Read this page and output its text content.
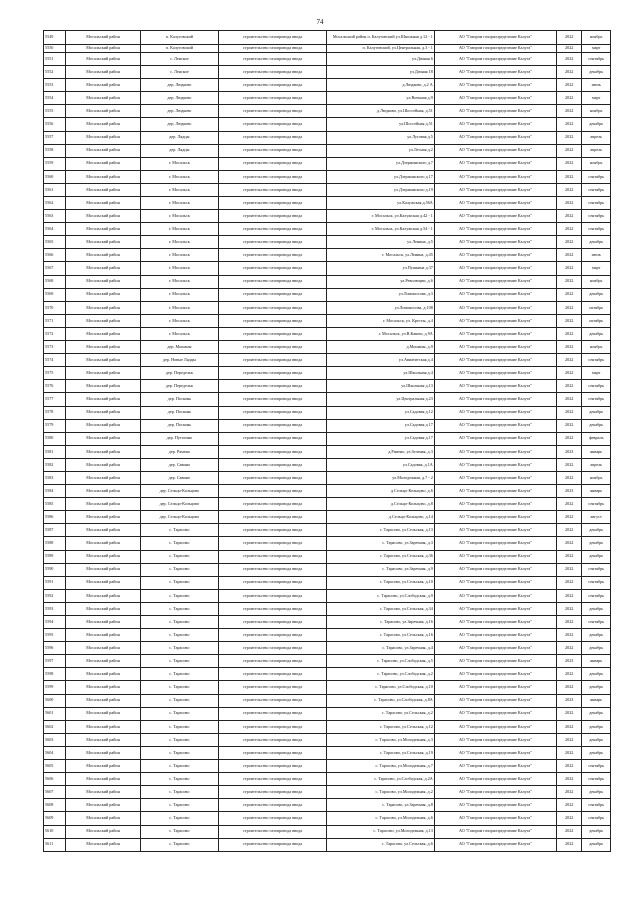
74
5549	Мосальский район	п. Калуговский	строительство газопровода ввода	Мосальский район п. Калуговский ул.Школьная д.12 - 1	АО "Газпром газораспределение Калуга"	2022	ноябрь
5550	Мосальский район	п. Калуговский	строительство газопровода ввода	п. Калуговский, ул.Центральная, д.3 - 1	АО "Газпром газораспределение Калуга"	2022	март
5551	Мосальский район	с. Ленское	строительство газопровода ввода	ул.Дачная 6	АО "Газпром газораспределение Калуга"	2022	сентябрь
5552	Мосальский район	с. Ленское	строительство газопровода ввода	ул.Дачная 18	АО "Газпром газораспределение Калуга"	2022	декабрь
5553	Мосальский район	дер. Людково	строительство газопровода ввода	д.Людково, д.2 А	АО "Газпром газораспределение Калуга"	2022	июль
5554	Мосальский район	дер. Людково	строительство газопровода ввода	ул.Военная д.9	АО "Газпром газораспределение Калуга"	2022	март
5555	Мосальский район	дер. Людково	строительство газопровода ввода	д.Людково, ул.Шоссейная, д.51	АО "Газпром газораспределение Калуга"	2022	ноябрь
5556	Мосальский район	дер. Людково	строительство газопровода ввода	ул.Шоссейная д.51	АО "Газпром газораспределение Калуга"	2022	декабрь
5557	Мосальский район	дер. Лядцы	строительство газопровода ввода	ул.Луговая д.5	АО "Газпром газораспределение Калуга"	2022	апрель
5558	Мосальский район	дер. Лядцы	строительство газопровода ввода	ул.Лесная д.2	АО "Газпром газораспределение Калуга"	2022	апрель
5559	Мосальский район	г. Мосальск	строительство газопровода ввода	ул.Дзержинского д.7	АО "Газпром газораспределение Калуга"	2022	ноябрь
5560	Мосальский район	г. Мосальск	строительство газопровода ввода	ул.Дзержинского д.17	АО "Газпром газораспределение Калуга"	2022	сентябрь
5561	Мосальский район	г. Мосальск	строительство газопровода ввода	ул.Дзержинского д.19	АО "Газпром газораспределение Калуга"	2022	сентябрь
5562	Мосальский район	г. Мосальск	строительство газопровода ввода	ул.Калужская д.56А	АО "Газпром газораспределение Калуга"	2022	сентябрь
5563	Мосальский район	г. Мосальск	строительство газопровода ввода	г. Мосальск, ул.Калужская д.42 - 1	АО "Газпром газораспределение Калуга"	2022	сентябрь
5564	Мосальский район	г. Мосальск	строительство газопровода ввода	г. Мосальск, ул.Калужская д.54 - 1	АО "Газпром газораспределение Калуга"	2022	сентябрь
5565	Мосальский район	г. Мосальск	строительство газопровода ввода	ул.Ленина, д.5	АО "Газпром газораспределение Калуга"	2022	декабрь
5566	Мосальский район	г. Мосальск	строительство газопровода ввода	г. Мосальск, ул.Ленина, д.45	АО "Газпром газораспределение Калуга"	2022	июль
5567	Мосальский район	г. Мосальск	строительство газопровода ввода	ул.Пушкина д.37	АО "Газпром газораспределение Калуга"	2022	март
5568	Мосальский район	г. Мосальск	строительство газопровода ввода	ул.Революции, д.6	АО "Газпром газораспределение Калуга"	2022	ноябрь
5569	Мосальский район	г. Мосальск	строительство газопровода ввода	ул.Ломоносова, д.3	АО "Газпром газораспределение Калуга"	2022	декабрь
5570	Мосальский район	г. Мосальск	строительство газопровода ввода	ул.Ломоносова, д.108	АО "Газпром газораспределение Калуга"	2022	октябрь
5571	Мосальский район	г. Мосальск	строительство газопровода ввода	г. Мосальск, ул. Кресты, д.4	АО "Газпром газораспределение Калуга"	2022	октябрь
5572	Мосальский район	г. Мосальск	строительство газопровода ввода	г. Мосальск, ул.В.Канеш, д.9А	АО "Газпром газораспределение Калуга"	2022	декабрь
5573	Мосальский район	дер. Мошаны	строительство газопровода ввода	д.Мошаны, д.9	АО "Газпром газораспределение Калуга"	2022	ноябрь
5574	Мосальский район	дер. Новые Лядцы	строительство газопровода ввода	ул.Авиатитская д.4	АО "Газпром газораспределение Калуга"	2022	сентябрь
5575	Мосальский район	дер. Передельк	строительство газопровода ввода	ул.Школьная д.4	АО "Газпром газораспределение Калуга"	2022	март
5576	Мосальский район	дер. Передельк	строительство газопровода ввода	ул.Школьная д.13	АО "Газпром газораспределение Калуга"	2022	сентябрь
5577	Мосальский район	дер. Посконь	строительство газопровода ввода	ул.Центральная д.23	АО "Газпром газораспределение Калуга"	2022	сентябрь
5578	Мосальский район	дер. Посконь	строительство газопровода ввода	ул.Садовая д.12	АО "Газпром газораспределение Калуга"	2022	декабрь
5579	Мосальский район	дер. Посконь	строительство газопровода ввода	ул.Садовая д.17	АО "Газпром газораспределение Калуга"	2022	декабрь
5580	Мосальский район	дер. Путогино	строительство газопровода ввода	ул.Садовая д.17	АО "Газпром газораспределение Калуга"	2022	февраль
5581	Мосальский район	дер. Рамено	строительство газопровода ввода	д.Рамено, ул.Зеленая, д.3	АО "Газпром газораспределение Калуга"	2023	январь
5582	Мосальский район	дер. Савино	строительство газопровода ввода	ул.Садовая, д.1А	АО "Газпром газораспределение Калуга"	2022	апрель
5583	Мосальский район	дер. Савино	строительство газопровода ввода	ул.Молодежная, д.7 - 2	АО "Газпром газораспределение Калуга"	2022	ноябрь
5584	Мосальский район	дер. Сельцо-Кольцово	строительство газопровода ввода	д.Сельцо-Кольцово, д.6	АО "Газпром газораспределение Калуга"	2023	январь
5585	Мосальский район	дер. Сельцо-Кольцово	строительство газопровода ввода	д.Сельцо-Кольцово, д.8	АО "Газпром газораспределение Калуга"	2022	сентябрь
5586	Мосальский район	дер. Сельцо-Кольцово	строительство газопровода ввода	д.Сельцо-Кольцово, д.14	АО "Газпром газораспределение Калуга"	2022	август
5587	Мосальский район	с. Тарасово	строительство газопровода ввода	с. Тарасово, ул.Сельская, д.13	АО "Газпром газораспределение Калуга"	2022	декабрь
5588	Мосальский район	с. Тарасово	строительство газопровода ввода	с. Тарасово, ул.Заречная, д.3	АО "Газпром газораспределение Калуга"	2022	декабрь
5589	Мосальский район	с. Тарасово	строительство газопровода ввода	с. Тарасово, ул.Сельская, д.36	АО "Газпром газораспределение Калуга"	2022	декабрь
5590	Мосальский район	с. Тарасово	строительство газопровода ввода	с. Тарасово, ул.Заречная, д.9	АО "Газпром газораспределение Калуга"	2022	сентябрь
5591	Мосальский район	с. Тарасово	строительство газопровода ввода	с. Тарасово, ул.Сельская, д.10	АО "Газпром газораспределение Калуга"	2022	сентябрь
5592	Мосальский район	с. Тарасово	строительство газопровода ввода	с. Тарасово, ул.Слободская, д.9	АО "Газпром газораспределение Калуга"	2022	сентябрь
5593	Мосальский район	с. Тарасово	строительство газопровода ввода	с. Тарасово, ул.Сельская, д.34	АО "Газпром газораспределение Калуга"	2022	декабрь
5594	Мосальский район	с. Тарасово	строительство газопровода ввода	с. Тарасово, ул.Заречная, д.16	АО "Газпром газораспределение Калуга"	2022	сентябрь
5595	Мосальский район	с. Тарасово	строительство газопровода ввода	с. Тарасово, ул.Сельская, д.16	АО "Газпром газораспределение Калуга"	2022	декабрь
5596	Мосальский район	с. Тарасово	строительство газопровода ввода	с. Тарасово, ул.Заречная, д.4	АО "Газпром газораспределение Калуга"	2022	декабрь
5597	Мосальский район	с. Тарасово	строительство газопровода ввода	с. Тарасово, ул.Слободская, д.5	АО "Газпром газораспределение Калуга"	2023	январь
5598	Мосальский район	с. Тарасово	строительство газопровода ввода	с. Тарасово, ул.Слободская, д.2	АО "Газпром газораспределение Калуга"	2022	декабрь
5599	Мосальский район	с. Тарасово	строительство газопровода ввода	с. Тарасово, ул.Слободская, д.10	АО "Газпром газораспределение Калуга"	2022	декабрь
5600	Мосальский район	с. Тарасово	строительство газопровода ввода	с. Тарасово, ул.Слободская, д.8А	АО "Газпром газораспределение Калуга"	2023	январь
5601	Мосальский район	с. Тарасово	строительство газопровода ввода	с. Тарасово, ул.Сельская, д.2	АО "Газпром газораспределение Калуга"	2022	декабрь
5602	Мосальский район	с. Тарасово	строительство газопровода ввода	с. Тарасово, ул.Сельская, д.12	АО "Газпром газораспределение Калуга"	2022	декабрь
5603	Мосальский район	с. Тарасово	строительство газопровода ввода	с. Тарасово, ул.Молодежная, д.3	АО "Газпром газораспределение Калуга"	2022	декабрь
5604	Мосальский район	с. Тарасово	строительство газопровода ввода	с. Тарасово, ул.Сельская, д.19	АО "Газпром газораспределение Калуга"	2022	декабрь
5605	Мосальский район	с. Тарасово	строительство газопровода ввода	с. Тарасово, ул.Молодежная, д.7	АО "Газпром газораспределение Калуга"	2022	сентябрь
5606	Мосальский район	с. Тарасово	строительство газопровода ввода	с. Тарасово, ул.Слободская, д.2А	АО "Газпром газораспределение Калуга"	2022	сентябрь
5607	Мосальский район	с. Тарасово	строительство газопровода ввода	с. Тарасово, ул.Молодежная, д.2	АО "Газпром газораспределение Калуга"	2022	декабрь
5608	Мосальский район	с. Тарасово	строительство газопровода ввода	с. Тарасово, ул.Заречная, д.8	АО "Газпром газораспределение Калуга"	2022	сентябрь
5609	Мосальский район	с. Тарасово	строительство газопровода ввода	с. Тарасово, ул.Молодежная, д.6	АО "Газпром газораспределение Калуга"	2022	сентябрь
5610	Мосальский район	с. Тарасово	строительство газопровода ввода	с. Тарасово, ул.Молодежная, д.13	АО "Газпром газораспределение Калуга"	2022	декабрь
5611	Мосальский район	с. Тарасово	строительство газопровода ввода	с. Тарасово, ул.Сельская, д.6	АО "Газпром газораспределение Калуга"	2022	декабрь
